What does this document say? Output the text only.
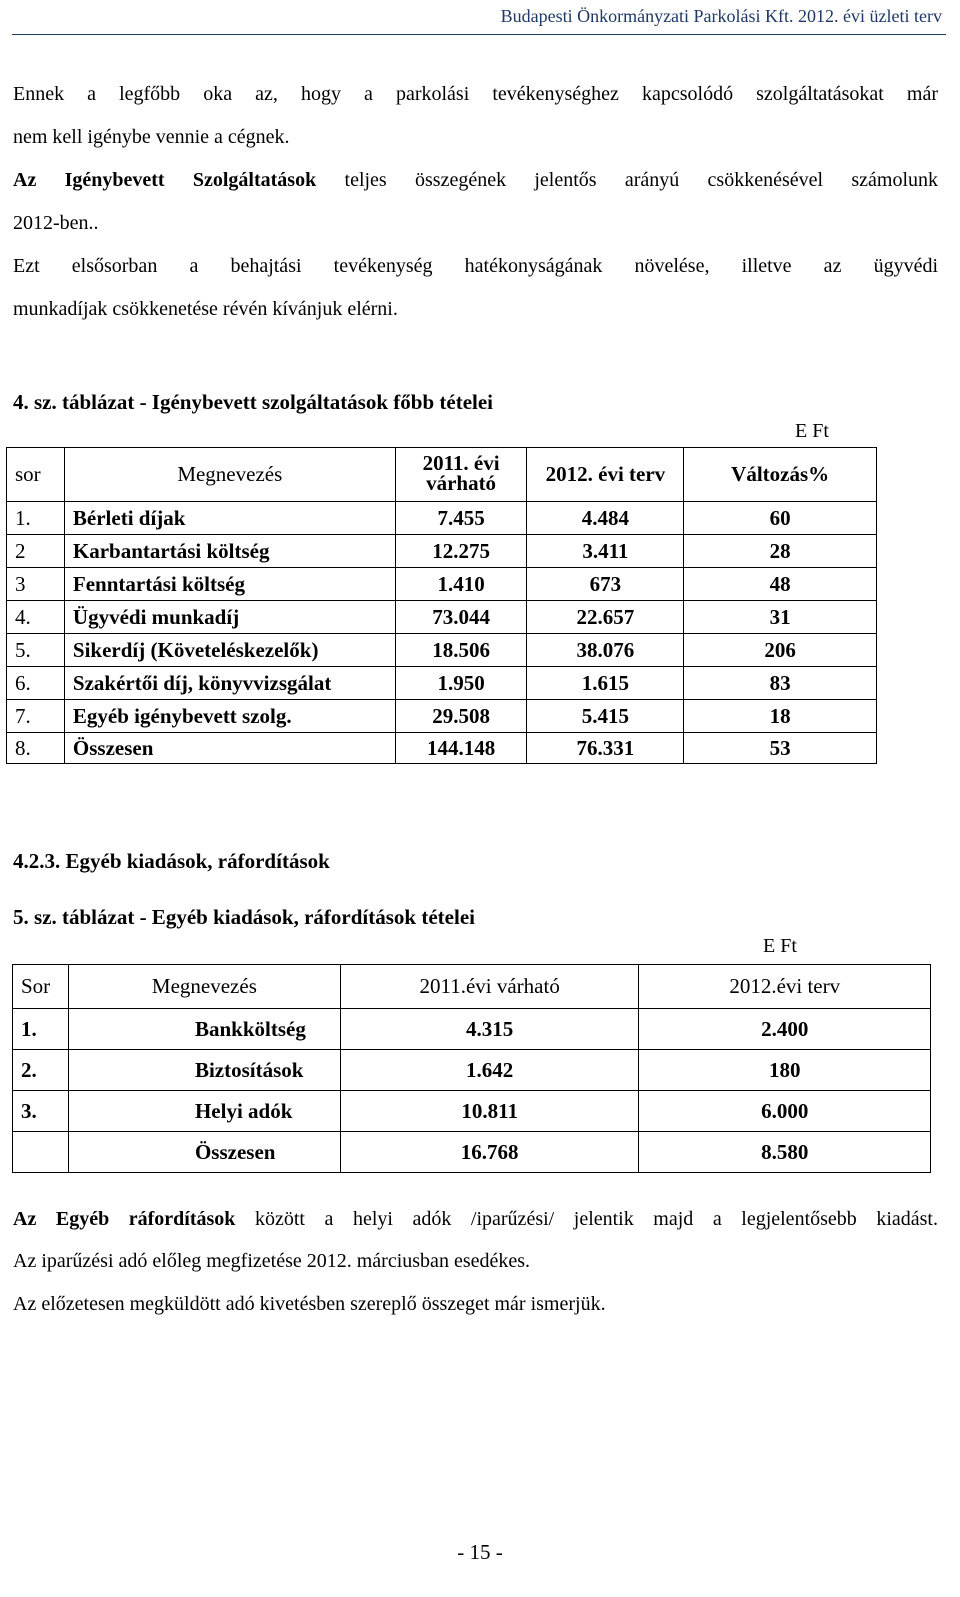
Budapesti Önkormányzati Parkolási Kft. 2012. évi üzleti terv

Ennek a legfőbb oka az, hogy a parkolási tevékenységhez kapcsolódó szolgáltatásokat már

nem kell igénybe vennie a cégnek.

Az Igénybevett Szolgáltatások teljes összegének jelentős arányú csökkenésével számolunk

2012-ben..

Ezt elsősorban a behajtási tevékenység hatékonyságának növelése, illetve az ügyvédi

munkadíjak csökkenetése révén kívánjuk elérni.

4. sz. táblázat - Igénybevett szolgáltatások főbb tételei

E Ft
sor	Megnevezés	2011. évi
várható	2012. évi terv	Változás%
1.	Bérleti díjak	7.455	4.484	60
2	Karbantartási költség	12.275	3.411	28
3	Fenntartási költség	1.410	673	48
4.	Ügyvédi munkadíj	73.044	22.657	31
5.	Sikerdíj (Követeléskezelők)	18.506	38.076	206
6.	Szakértői díj, könyvvizsgálat	1.950	1.615	83
7.	Egyéb igénybevett szolg.	29.508	5.415	18
8.	Összesen	144.148	76.331	53

4.2.3. Egyéb kiadások, ráfordítások

5. sz. táblázat - Egyéb kiadások, ráfordítások tételei

E Ft
Sor	Megnevezés	2011.évi várható	2012.évi terv
1.	Bankköltség	4.315	2.400
2.	Biztosítások	1.642	180
3.	Helyi adók	10.811	6.000
	Összesen	16.768	8.580

Az Egyéb ráfordítások között a helyi adók /iparűzési/ jelentik majd a legjelentősebb kiadást.

Az iparűzési adó előleg megfizetése 2012. márciusban esedékes.

Az előzetesen megküldött adó kivetésben szereplő összeget már ismerjük.

- 15 -
